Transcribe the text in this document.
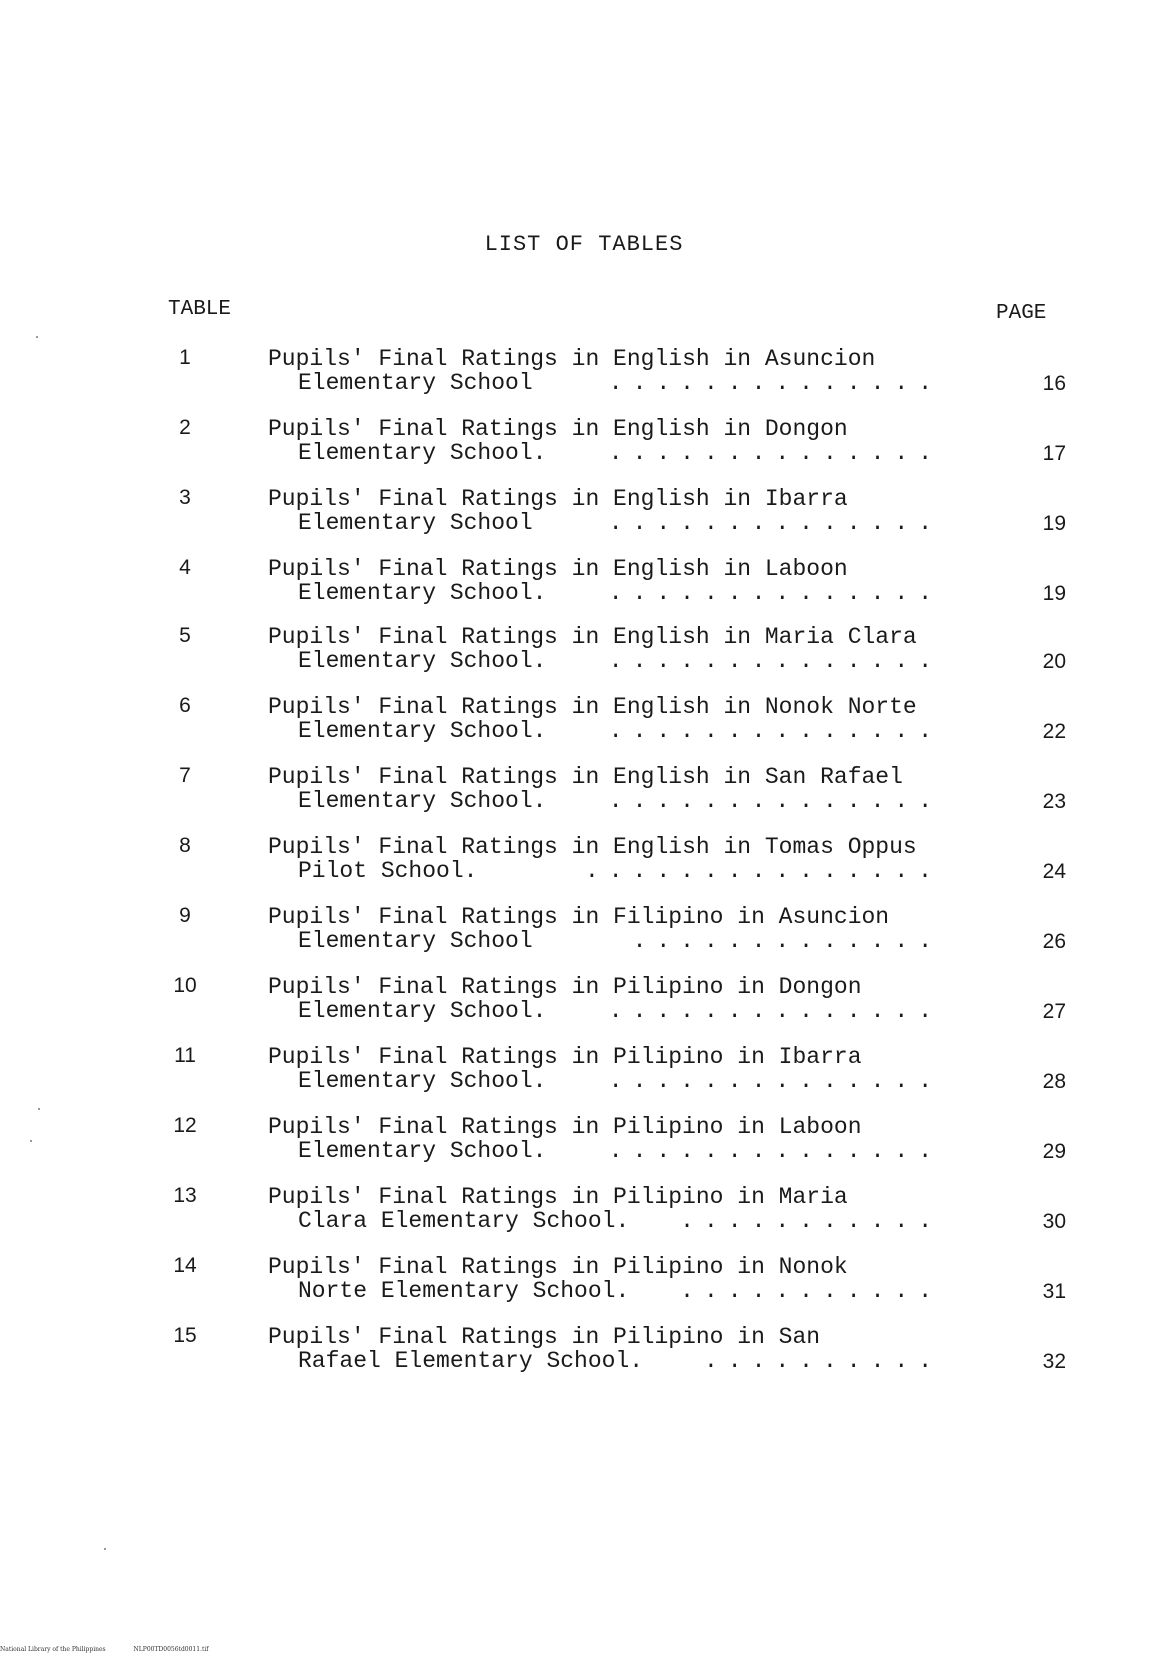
LIST OF TABLES
TABLE	PAGE
1	Pupils' Final Ratings in English in Asuncion
Elementary School	..............	16
2	Pupils' Final Ratings in English in Dongon
Elementary School.	..............	17
3	Pupils' Final Ratings in English in Ibarra
Elementary School	..............	19
4	Pupils' Final Ratings in English in Laboon
Elementary School.	..............	19
5	Pupils' Final Ratings in English in Maria Clara
Elementary School.	..............	20
6	Pupils' Final Ratings in English in Nonok Norte
Elementary School.	..............	22
7	Pupils' Final Ratings in English in San Rafael
Elementary School.	..............	23
8	Pupils' Final Ratings in English in Tomas Oppus
Pilot School.	...............	24
9	Pupils' Final Ratings in Filipino in Asuncion
Elementary School	.............	26
10	Pupils' Final Ratings in Pilipino in Dongon
Elementary School.	..............	27
11	Pupils' Final Ratings in Pilipino in Ibarra
Elementary School.	..............	28
12	Pupils' Final Ratings in Pilipino in Laboon
Elementary School.	..............	29
13	Pupils' Final Ratings in Pilipino in Maria
Clara Elementary School. ...........	30
14	Pupils' Final Ratings in Pilipino in Nonok
Norte Elementary School. ...........	31
15	Pupils' Final Ratings in Pilipino in San
Rafael Elementary School.	..........	32
National Library of the Philippines	NLP00TD0056td0011.tif
